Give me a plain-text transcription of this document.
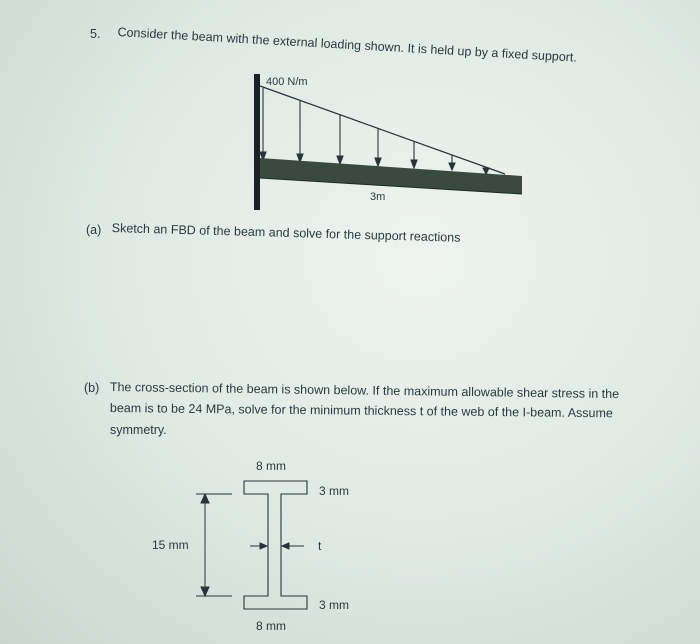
5. Consider the beam with the external loading shown. It is held up by a fixed support.
400 N/m
3m
(a) Sketch an FBD of the beam and solve for the support reactions
(b) The cross-section of the beam is shown below. If the maximum allowable shear stress in the
beam is to be 24 MPa, solve for the minimum thickness t of the web of the I-beam. Assume
symmetry.
8 mm
3 mm
15 mm	t
3 mm
8 mm
